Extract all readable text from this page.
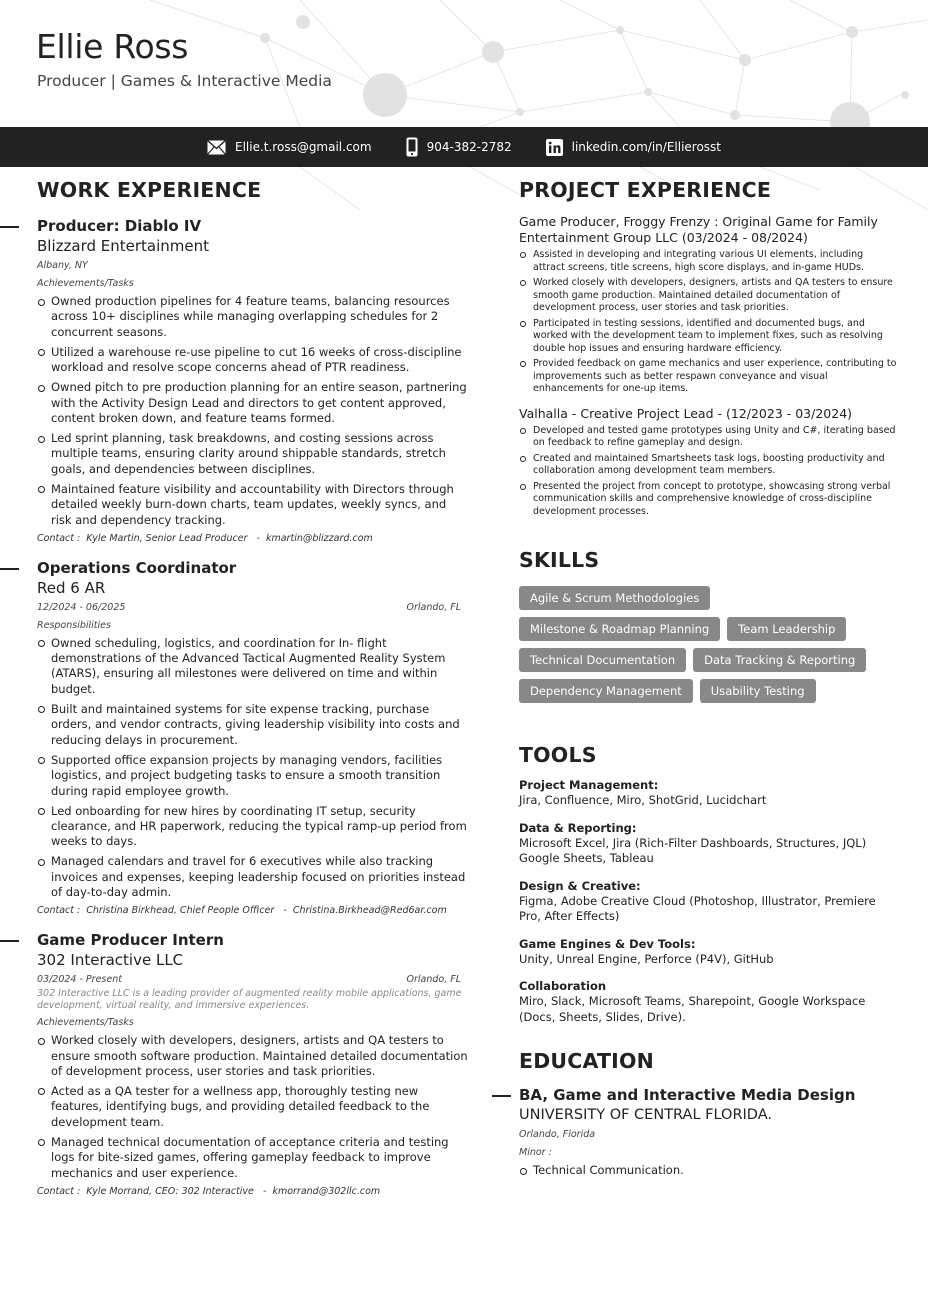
Ellie Ross
Producer | Games & Interactive Media
Ellie.t.ross@gmail.com	904-382-2782	linkedin.com/in/Ellierosst
WORK EXPERIENCE
Producer: Diablo IV
Blizzard Entertainment
Albany, NY
Achievements/Tasks
Owned production pipelines for 4 feature teams, balancing resources across 10+ disciplines while managing overlapping schedules for 2 concurrent seasons.
Utilized a warehouse re-use pipeline to cut 16 weeks of cross-discipline workload and resolve scope concerns ahead of PTR readiness.
Owned pitch to pre production planning for an entire season, partnering with the Activity Design Lead and directors to get content approved, content broken down, and feature teams formed.
Led sprint planning, task breakdowns, and costing sessions across multiple teams, ensuring clarity around shippable standards, stretch goals, and dependencies between disciplines.
Maintained feature visibility and accountability with Directors through detailed weekly burn-down charts, team updates, weekly syncs, and risk and dependency tracking.
Contact : Kyle Martin, Senior Lead Producer - kmartin@blizzard.com
Operations Coordinator
Red 6 AR
12/2024 - 06/2025	Orlando, FL
Responsibilities
Owned scheduling, logistics, and coordination for In- flight demonstrations of the Advanced Tactical Augmented Reality System (ATARS), ensuring all milestones were delivered on time and within budget.
Built and maintained systems for site expense tracking, purchase orders, and vendor contracts, giving leadership visibility into costs and reducing delays in procurement.
Supported office expansion projects by managing vendors, facilities logistics, and project budgeting tasks to ensure a smooth transition during rapid employee growth.
Led onboarding for new hires by coordinating IT setup, security clearance, and HR paperwork, reducing the typical ramp-up period from weeks to days.
Managed calendars and travel for 6 executives while also tracking invoices and expenses, keeping leadership focused on priorities instead of day-to-day admin.
Contact : Christina Birkhead, Chief People Officer - Christina.Birkhead@Red6ar.com
Game Producer Intern
302 Interactive LLC
03/2024 - Present	Orlando, FL
302 Interactive LLC is a leading provider of augmented reality mobile applications, game development, virtual reality, and immersive experiences.
Achievements/Tasks
Worked closely with developers, designers, artists and QA testers to ensure smooth software production. Maintained detailed documentation of development process, user stories and task priorities.
Acted as a QA tester for a wellness app, thoroughly testing new features, identifying bugs, and providing detailed feedback to the development team.
Managed technical documentation of acceptance criteria and testing logs for bite-sized games, offering gameplay feedback to improve mechanics and user experience.
Contact : Kyle Morrand, CEO: 302 Interactive - kmorrand@302llc.com
PROJECT EXPERIENCE
Game Producer, Froggy Frenzy : Original Game for Family Entertainment Group LLC (03/2024 - 08/2024)
Assisted in developing and integrating various UI elements, including attract screens, title screens, high score displays, and in-game HUDs.
Worked closely with developers, designers, artists and QA testers to ensure smooth game production. Maintained detailed documentation of development process, user stories and task priorities.
Participated in testing sessions, identified and documented bugs, and worked with the development team to implement fixes, such as resolving double hop issues and ensuring hardware efficiency.
Provided feedback on game mechanics and user experience, contributing to improvements such as better respawn conveyance and visual enhancements for one-up items.
Valhalla - Creative Project Lead - (12/2023 - 03/2024)
Developed and tested game prototypes using Unity and C#, iterating based on feedback to refine gameplay and design.
Created and maintained Smartsheets task logs, boosting productivity and collaboration among development team members.
Presented the project from concept to prototype, showcasing strong verbal communication skills and comprehensive knowledge of cross-discipline development processes.
SKILLS
Agile & Scrum Methodologies
Milestone & Roadmap Planning	Team Leadership
Technical Documentation	Data Tracking & Reporting
Dependency Management	Usability Testing
TOOLS
Project Management:
Jira, Confluence, Miro, ShotGrid, Lucidchart
Data & Reporting:
Microsoft Excel, Jira (Rich-Filter Dashboards, Structures, JQL) Google Sheets, Tableau
Design & Creative:
Figma, Adobe Creative Cloud (Photoshop, Illustrator, Premiere Pro, After Effects)
Game Engines & Dev Tools:
Unity, Unreal Engine, Perforce (P4V), GitHub
Collaboration
Miro, Slack, Microsoft Teams, Sharepoint, Google Workspace (Docs, Sheets, Slides, Drive).
EDUCATION
BA, Game and Interactive Media Design
UNIVERSITY OF CENTRAL FLORIDA.
Orlando, Florida
Minor :
Technical Communication.
